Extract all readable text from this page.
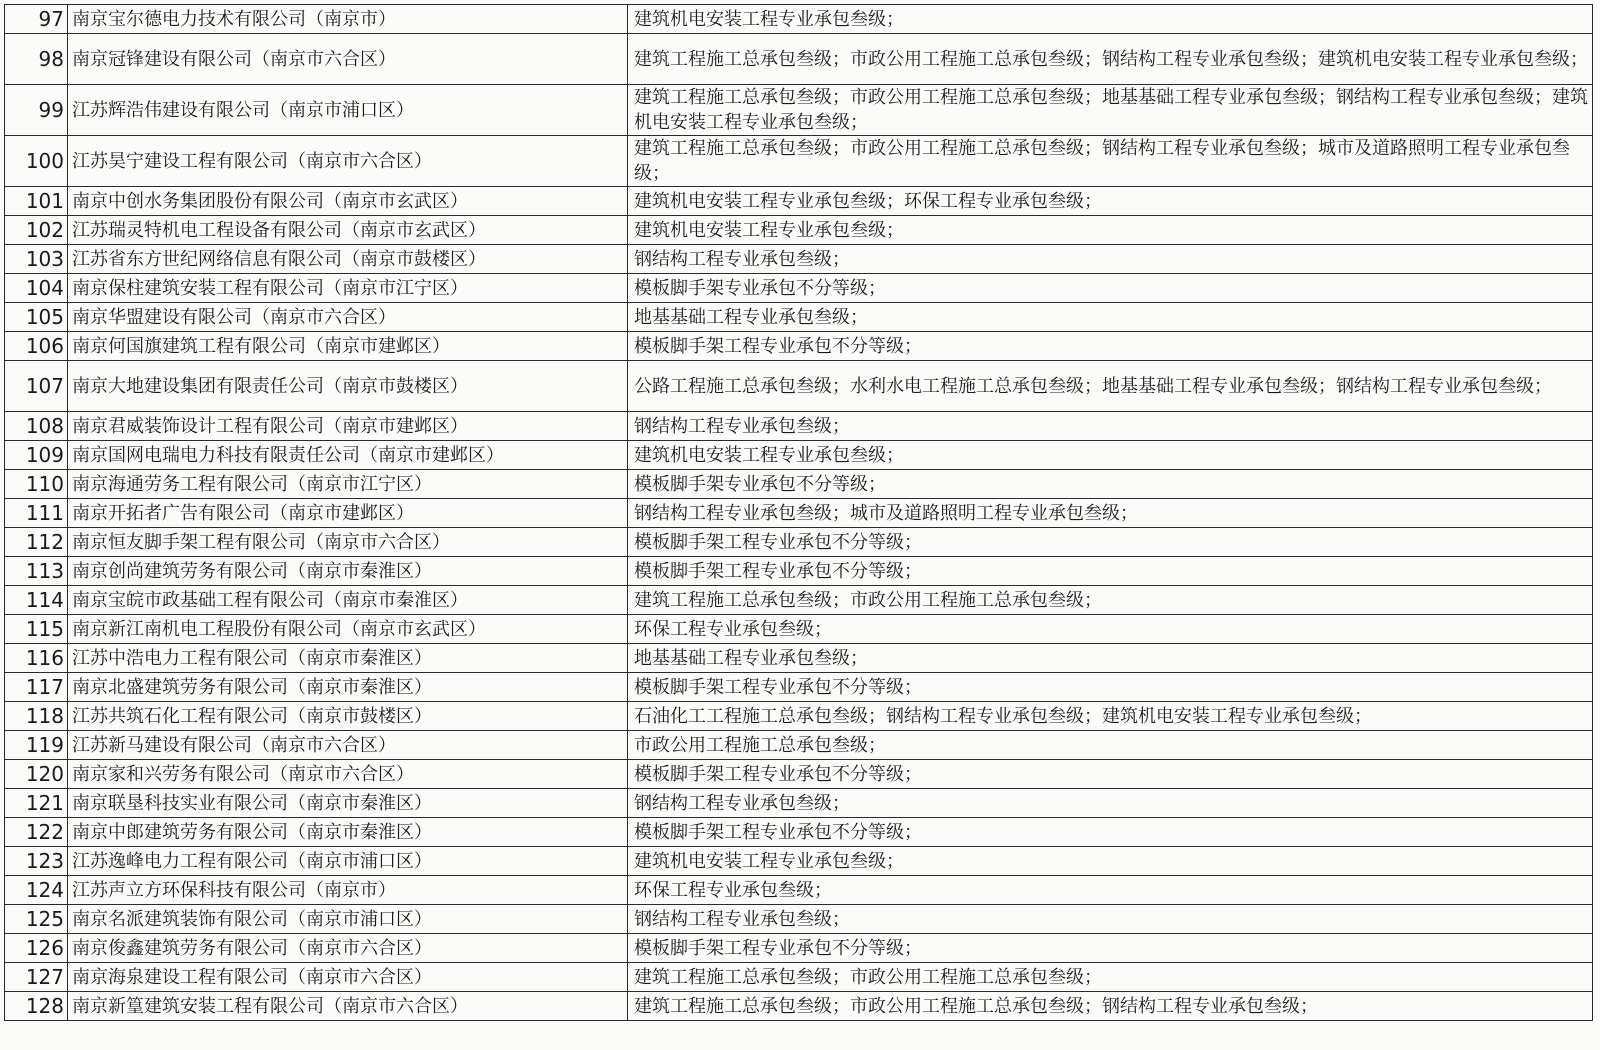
97	南京宝尔德电力技术有限公司（南京市）	建筑机电安装工程专业承包叁级；
98	南京冠锋建设有限公司（南京市六合区）	建筑工程施工总承包叁级；市政公用工程施工总承包叁级；钢结构工程专业承包叁级；建筑机电安装工程专业承包叁级；
99	江苏辉浩伟建设有限公司（南京市浦口区）	建筑工程施工总承包叁级；市政公用工程施工总承包叁级；地基基础工程专业承包叁级；钢结构工程专业承包叁级；建筑机电安装工程专业承包叁级；
100	江苏昊宁建设工程有限公司（南京市六合区）	建筑工程施工总承包叁级；市政公用工程施工总承包叁级；钢结构工程专业承包叁级；城市及道路照明工程专业承包叁级；
101	南京中创水务集团股份有限公司（南京市玄武区）	建筑机电安装工程专业承包叁级；环保工程专业承包叁级；
102	江苏瑞灵特机电工程设备有限公司（南京市玄武区）	建筑机电安装工程专业承包叁级；
103	江苏省东方世纪网络信息有限公司（南京市鼓楼区）	钢结构工程专业承包叁级；
104	南京保柱建筑安装工程有限公司（南京市江宁区）	模板脚手架专业承包不分等级；
105	南京华盟建设有限公司（南京市六合区）	地基基础工程专业承包叁级；
106	南京何国旗建筑工程有限公司（南京市建邺区）	模板脚手架工程专业承包不分等级；
107	南京大地建设集团有限责任公司（南京市鼓楼区）	公路工程施工总承包叁级；水利水电工程施工总承包叁级；地基基础工程专业承包叁级；钢结构工程专业承包叁级；
108	南京君威装饰设计工程有限公司（南京市建邺区）	钢结构工程专业承包叁级；
109	南京国网电瑞电力科技有限责任公司（南京市建邺区）	建筑机电安装工程专业承包叁级；
110	南京海通劳务工程有限公司（南京市江宁区）	模板脚手架专业承包不分等级；
111	南京开拓者广告有限公司（南京市建邺区）	钢结构工程专业承包叁级；城市及道路照明工程专业承包叁级；
112	南京恒友脚手架工程有限公司（南京市六合区）	模板脚手架工程专业承包不分等级；
113	南京创尚建筑劳务有限公司（南京市秦淮区）	模板脚手架工程专业承包不分等级；
114	南京宝皖市政基础工程有限公司（南京市秦淮区）	建筑工程施工总承包叁级；市政公用工程施工总承包叁级；
115	南京新江南机电工程股份有限公司（南京市玄武区）	环保工程专业承包叁级；
116	江苏中浩电力工程有限公司（南京市秦淮区）	地基基础工程专业承包叁级；
117	南京北盛建筑劳务有限公司（南京市秦淮区）	模板脚手架工程专业承包不分等级；
118	江苏共筑石化工程有限公司（南京市鼓楼区）	石油化工工程施工总承包叁级；钢结构工程专业承包叁级；建筑机电安装工程专业承包叁级；
119	江苏新马建设有限公司（南京市六合区）	市政公用工程施工总承包叁级；
120	南京家和兴劳务有限公司（南京市六合区）	模板脚手架工程专业承包不分等级；
121	南京联垦科技实业有限公司（南京市秦淮区）	钢结构工程专业承包叁级；
122	南京中郎建筑劳务有限公司（南京市秦淮区）	模板脚手架工程专业承包不分等级；
123	江苏逸峰电力工程有限公司（南京市浦口区）	建筑机电安装工程专业承包叁级；
124	江苏声立方环保科技有限公司（南京市）	环保工程专业承包叁级；
125	南京名派建筑装饰有限公司（南京市浦口区）	钢结构工程专业承包叁级；
126	南京俊鑫建筑劳务有限公司（南京市六合区）	模板脚手架工程专业承包不分等级；
127	南京海泉建设工程有限公司（南京市六合区）	建筑工程施工总承包叁级；市政公用工程施工总承包叁级；
128	南京新篁建筑安装工程有限公司（南京市六合区）	建筑工程施工总承包叁级；市政公用工程施工总承包叁级；钢结构工程专业承包叁级；
